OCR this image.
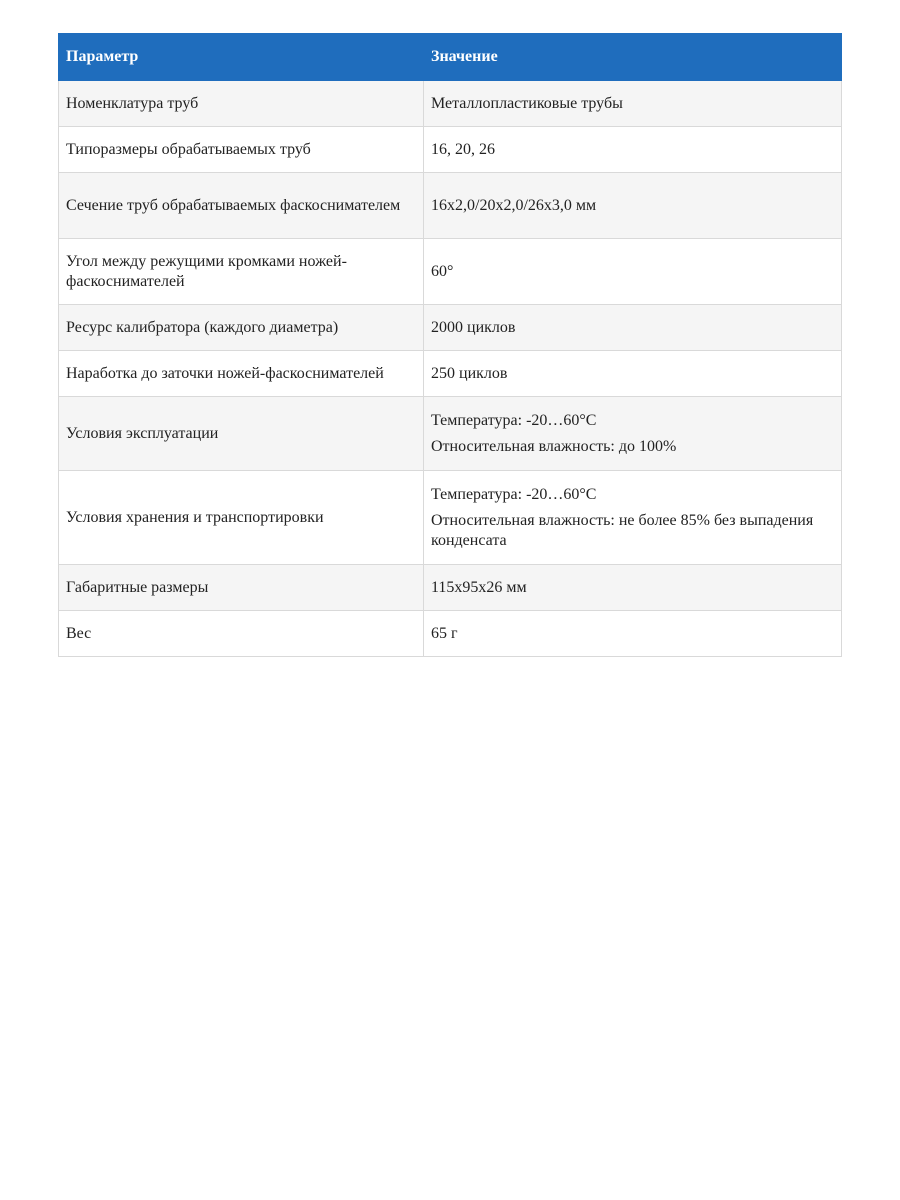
Параметр	Значение
Номенклатура труб	Металлопластиковые трубы

Типоразмеры обрабатываемых труб	16, 20, 26

Сечение труб обрабатываемых фаскоснимателем	16x2,0/20x2,0/26x3,0 мм

Угол между режущими кромками ножей-фаскоснимателей	60°

Ресурс калибратора (каждого диаметра)	2000 циклов

Наработка до заточки ножей-фаскоснимателей	250 циклов

Условия эксплуатации	Температура: -20…60°С
Относительная влажность: до 100%

Условия хранения и транспортировки	Температура: -20…60°С
Относительная влажность: не более 85% без выпадения конденсата

Габаритные размеры	115x95x26 мм

Вес	65 г
